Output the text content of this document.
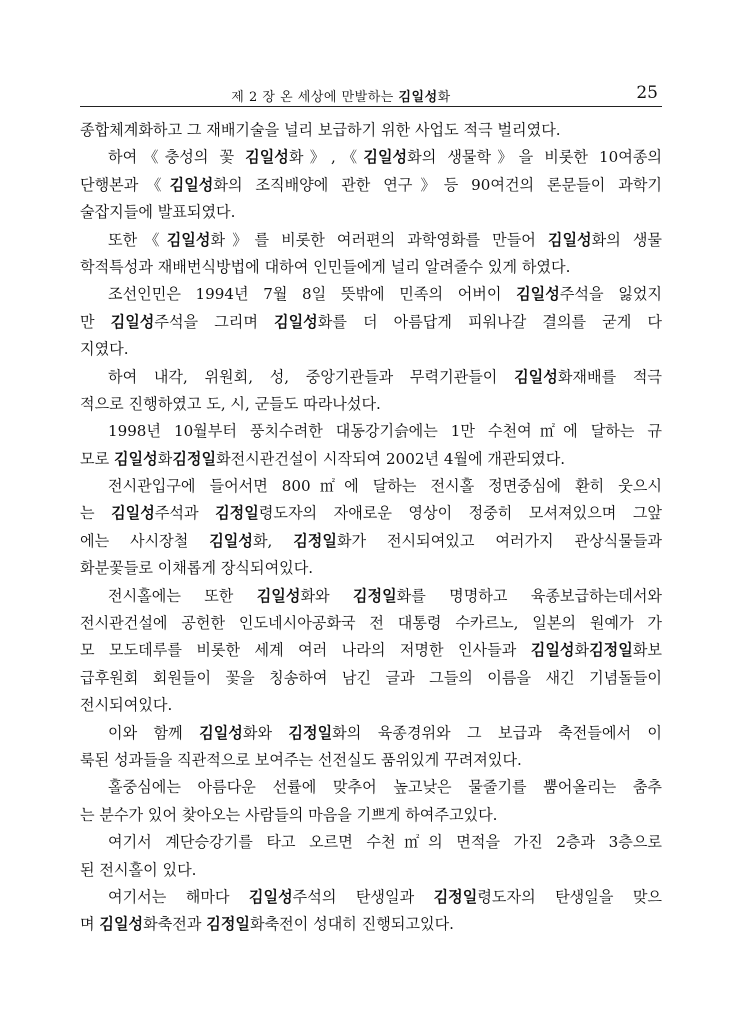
제 2 장 온 세상에 만발하는 김일성화	25
종합체계화하고 그 재배기술을 널리 보급하기 위한 사업도 적극 벌리였다.
하여《충성의 꽃 김일성화》,《김일성화의 생물학》을 비롯한 10여종의
단행본과《김일성화의 조직배양에 관한 연구》등 90여건의 론문들이 과학기
술잡지들에 발표되였다.
또한《김일성화》를 비롯한 여러편의 과학영화를 만들어 김일성화의 생물
학적특성과 재배번식방법에 대하여 인민들에게 널리 알려줄수 있게 하였다.
조선인민은 1994년 7월 8일 뜻밖에 민족의 어버이 김일성주석을 잃었지
만 김일성주석을 그리며 김일성화를 더 아름답게 피워나갈 결의를 굳게 다
지였다.
하여 내각, 위원회, 성, 중앙기관들과 무력기관들이 김일성화재배를 적극
적으로 진행하였고 도, 시, 군들도 따라나섰다.
1998년 10월부터 풍치수려한 대동강기슭에는 1만 수천여㎡에 달하는 규
모로 김일성화김정일화전시관건설이 시작되여 2002년 4월에 개관되였다.
전시관입구에 들어서면 800㎡에 달하는 전시홀 정면중심에 환히 웃으시
는 김일성주석과 김정일령도자의 자애로운 영상이 정중히 모셔져있으며 그앞
에는 사시장철 김일성화, 김정일화가 전시되여있고 여러가지 관상식물들과
화분꽃들로 이채롭게 장식되여있다.
전시홀에는 또한 김일성화와 김정일화를 명명하고 육종보급하는데서와
전시관건설에 공헌한 인도네시아공화국 전 대통령 수카르노, 일본의 원예가 가
모 모도데루를 비롯한 세계 여러 나라의 저명한 인사들과 김일성화김정일화보
급후원회 회원들이 꽃을 칭송하여 남긴 글과 그들의 이름을 새긴 기념돌들이
전시되여있다.
이와 함께 김일성화와 김정일화의 육종경위와 그 보급과 축전들에서 이
룩된 성과들을 직관적으로 보여주는 선전실도 품위있게 꾸려져있다.
홀중심에는 아름다운 선률에 맞추어 높고낮은 물줄기를 뿜어올리는 춤추
는 분수가 있어 찾아오는 사람들의 마음을 기쁘게 하여주고있다.
여기서 계단승강기를 타고 오르면 수천㎡의 면적을 가진 2층과 3층으로
된 전시홀이 있다.
여기서는 해마다 김일성주석의 탄생일과 김정일령도자의 탄생일을 맞으
며 김일성화축전과 김정일화축전이 성대히 진행되고있다.
